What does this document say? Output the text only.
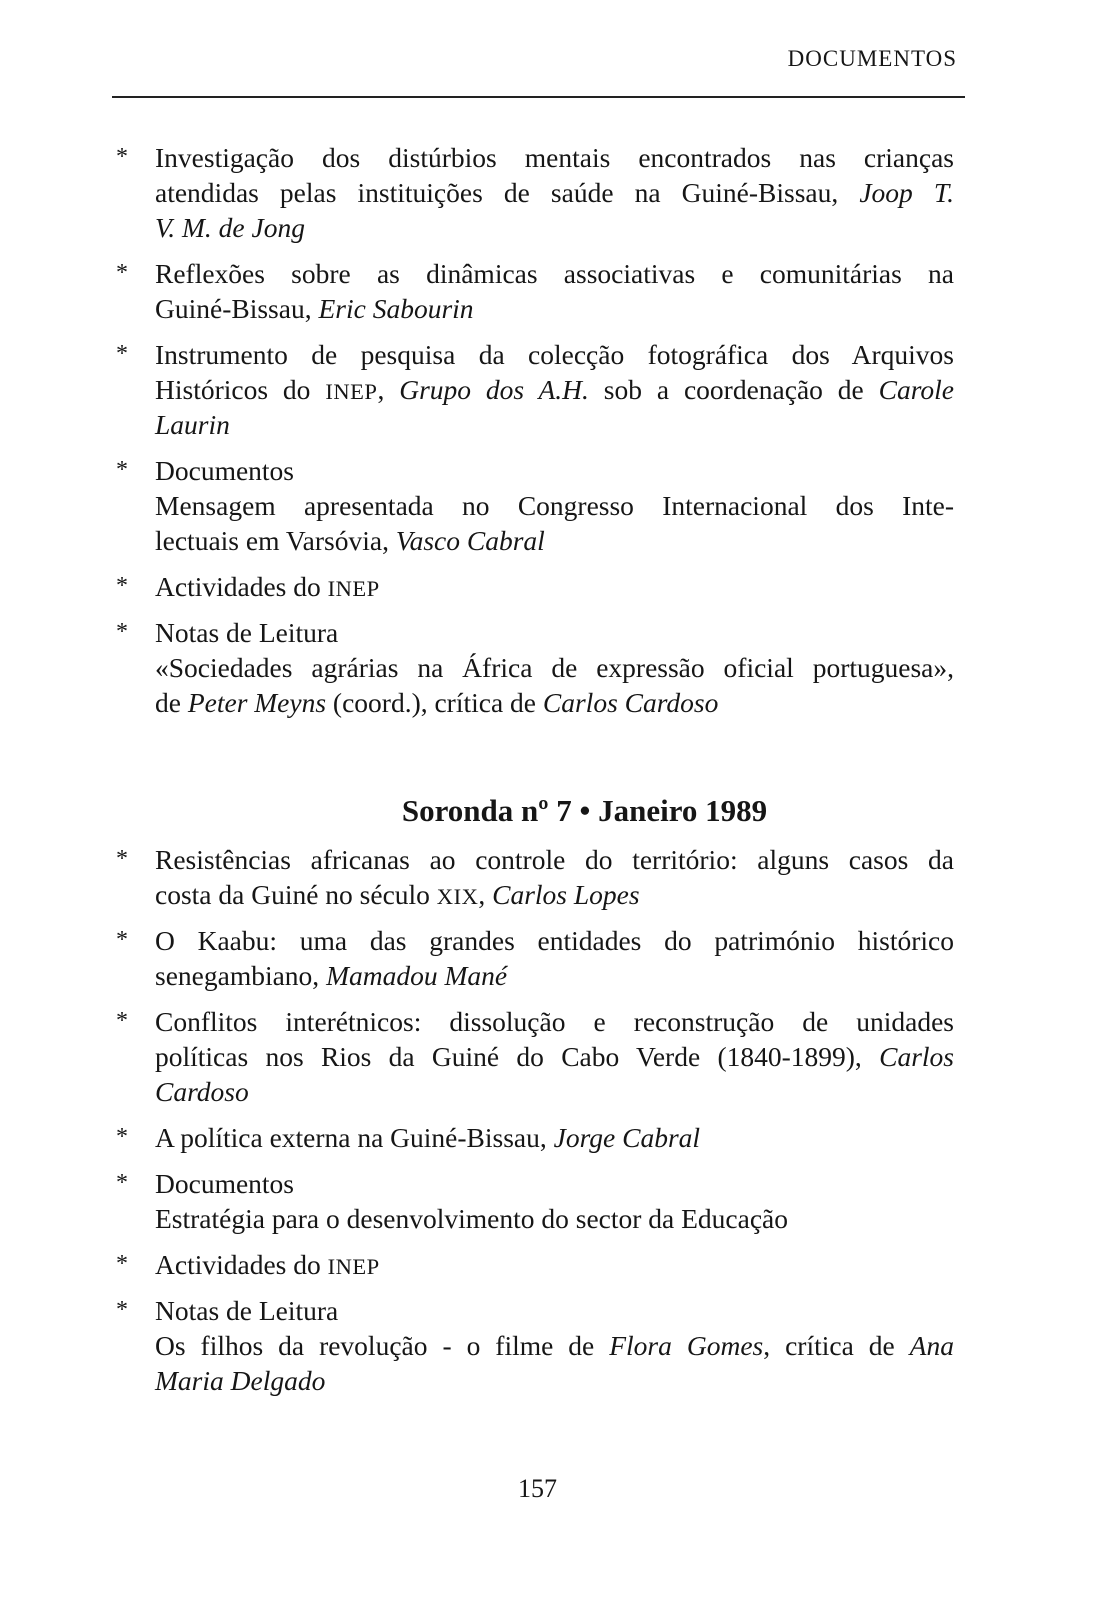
DOCUMENTOS
* Investigação dos distúrbios mentais encontrados nas crianças
atendidas pelas instituições de saúde na Guiné-Bissau, Joop T.
V. M. de Jong
* Reflexões sobre as dinâmicas associativas e comunitárias na
Guiné-Bissau, Eric Sabourin
* Instrumento de pesquisa da colecção fotográfica dos Arquivos
Históricos do INEP, Grupo dos A.H. sob a coordenação de Carole
Laurin
* Documentos
Mensagem apresentada no Congresso Internacional dos Inte-
lectuais em Varsóvia, Vasco Cabral
* Actividades do INEP
* Notas de Leitura
«Sociedades agrárias na África de expressão oficial portuguesa»,
de Peter Meyns (coord.), crítica de Carlos Cardoso
Soronda nº 7 • Janeiro 1989
* Resistências africanas ao controle do território: alguns casos da
costa da Guiné no século XIX, Carlos Lopes
* O Kaabu: uma das grandes entidades do património histórico
senegambiano, Mamadou Mané
* Conflitos interétnicos: dissolução e reconstrução de unidades
políticas nos Rios da Guiné do Cabo Verde (1840-1899), Carlos
Cardoso
* A política externa na Guiné-Bissau, Jorge Cabral
* Documentos
Estratégia para o desenvolvimento do sector da Educação
* Actividades do INEP
* Notas de Leitura
Os filhos da revolução - o filme de Flora Gomes, crítica de Ana
Maria Delgado
157
